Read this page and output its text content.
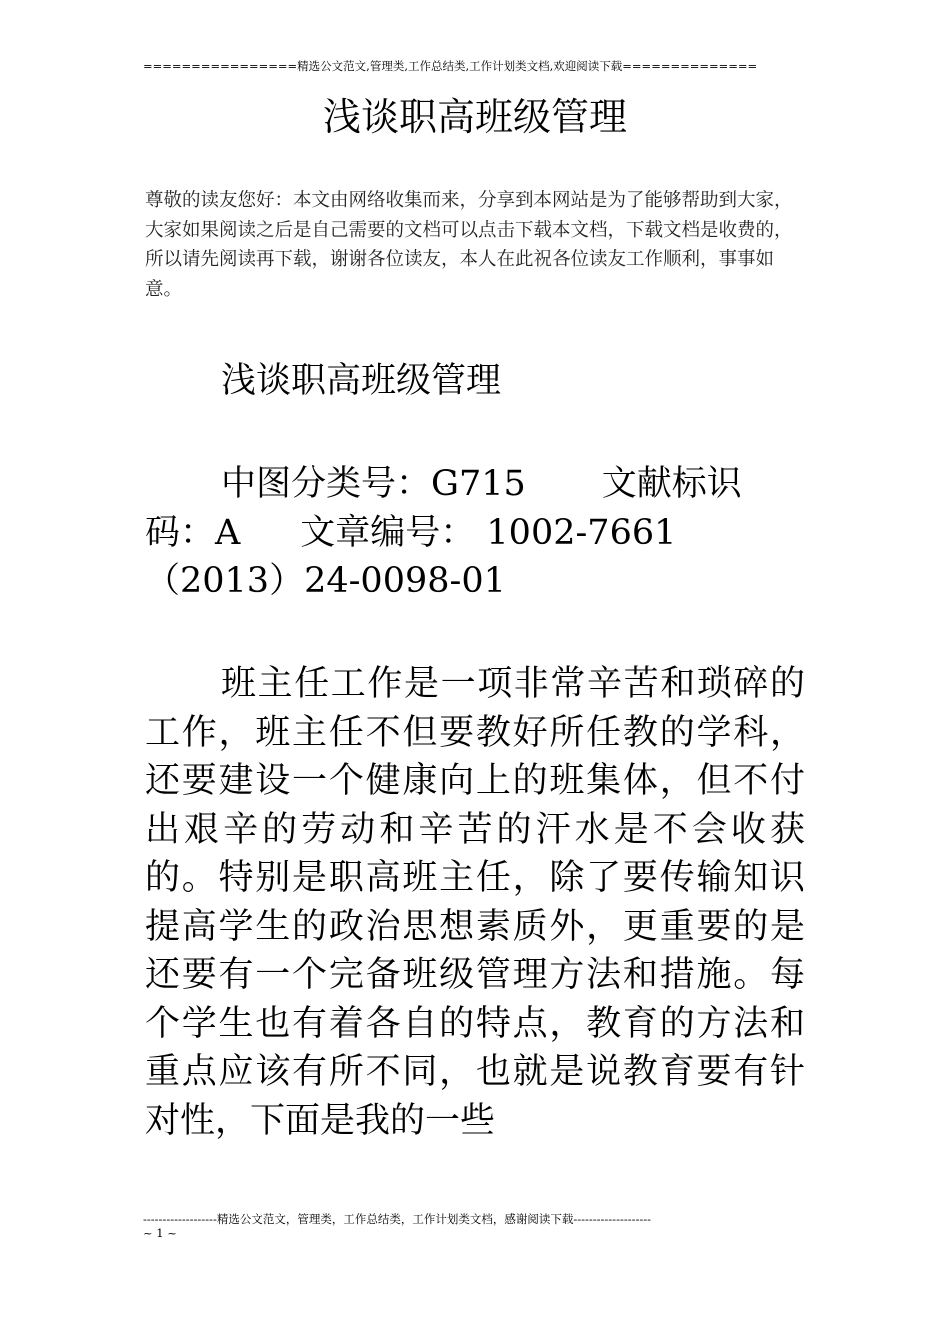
================精选公文范文,管理类,工作总结类,工作计划类文档,欢迎阅读下载==============
浅谈职高班级管理
尊敬的读友您好：本文由网络收集而来，分享到本网站是为了能够帮助到大家，大家如果阅读之后是自己需要的文档可以点击下载本文档，下载文档是收费的，所以请先阅读再下载，谢谢各位读友，本人在此祝各位读友工作顺利，事事如意。
浅谈职高班级管理
中图分类号：G715 文献标识码：A 文章编号： 1002-7661（2013）24-0098-01
班主任工作是一项非常辛苦和琐碎的工作，班主任不但要教好所任教的学科，还要建设一个健康向上的班集体，但不付出艰辛的劳动和辛苦的汗水是不会收获的。特别是职高班主任，除了要传输知识提高学生的政治思想素质外，更重要的是还要有一个完备班级管理方法和措施。每个学生也有着各自的特点，教育的方法和重点应该有所不同，也就是说教育要有针对性，下面是我的一些
-------------------精选公文范文，管理类，工作总结类，工作计划类文档，感谢阅读下载--------------------
~ 1 ~
